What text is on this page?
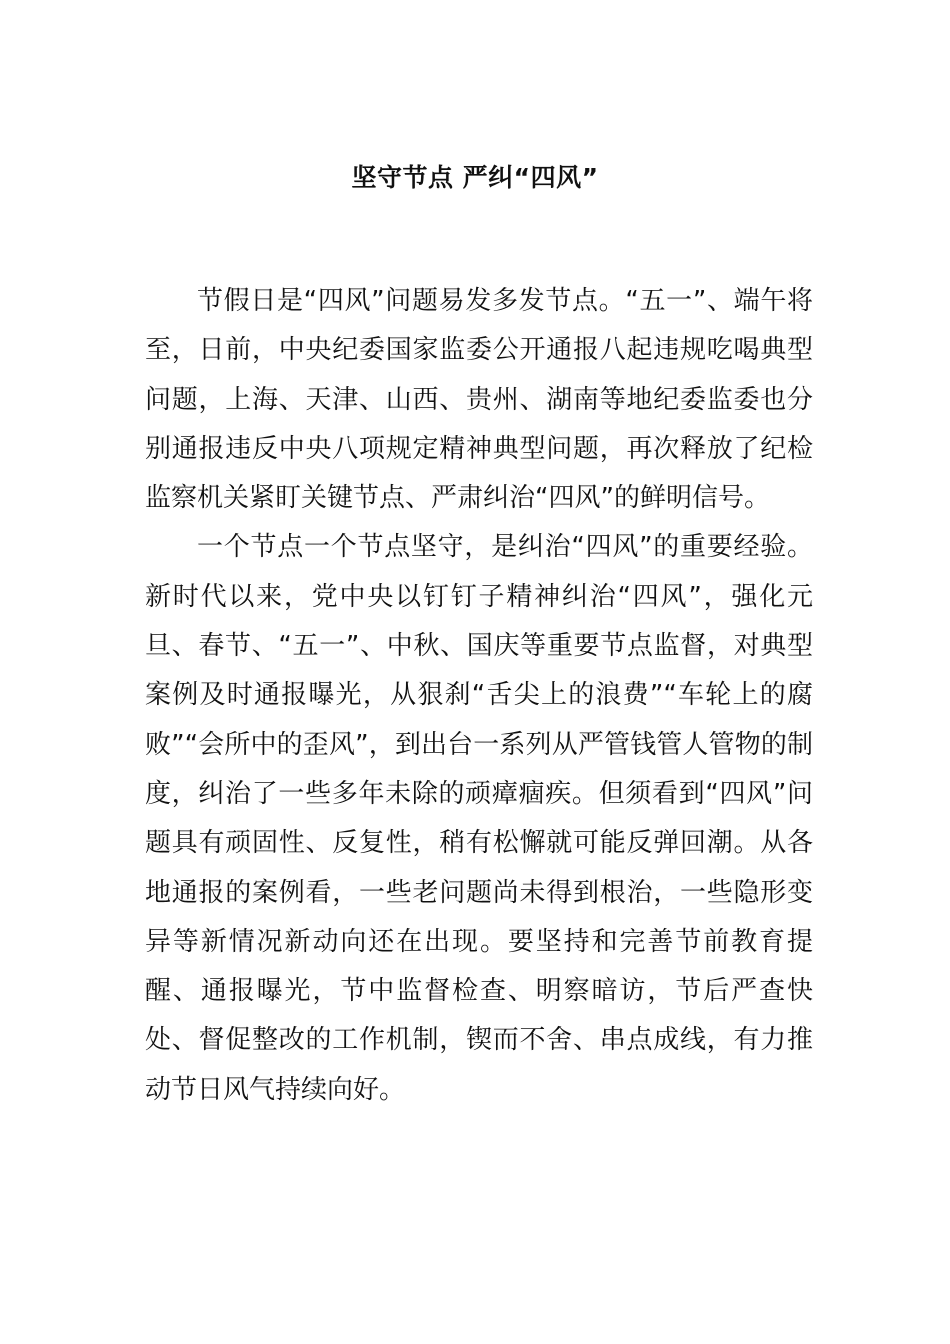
坚守节点 严纠“四风”

节假日是“四风”问题易发多发节点。“五一”、端午将至，日前，中央纪委国家监委公开通报八起违规吃喝典型问题，上海、天津、山西、贵州、湖南等地纪委监委也分别通报违反中央八项规定精神典型问题，再次释放了纪检监察机关紧盯关键节点、严肃纠治“四风”的鲜明信号。

一个节点一个节点坚守，是纠治“四风”的重要经验。新时代以来，党中央以钉钉子精神纠治“四风”，强化元旦、春节、“五一”、中秋、国庆等重要节点监督，对典型案例及时通报曝光，从狠刹“舌尖上的浪费”“车轮上的腐败”“会所中的歪风”，到出台一系列从严管钱管人管物的制度，纠治了一些多年未除的顽瘴痼疾。但须看到“四风”问题具有顽固性、反复性，稍有松懈就可能反弹回潮。从各地通报的案例看，一些老问题尚未得到根治，一些隐形变异等新情况新动向还在出现。要坚持和完善节前教育提醒、通报曝光，节中监督检查、明察暗访，节后严查快处、督促整改的工作机制，锲而不舍、串点成线，有力推动节日风气持续向好。
